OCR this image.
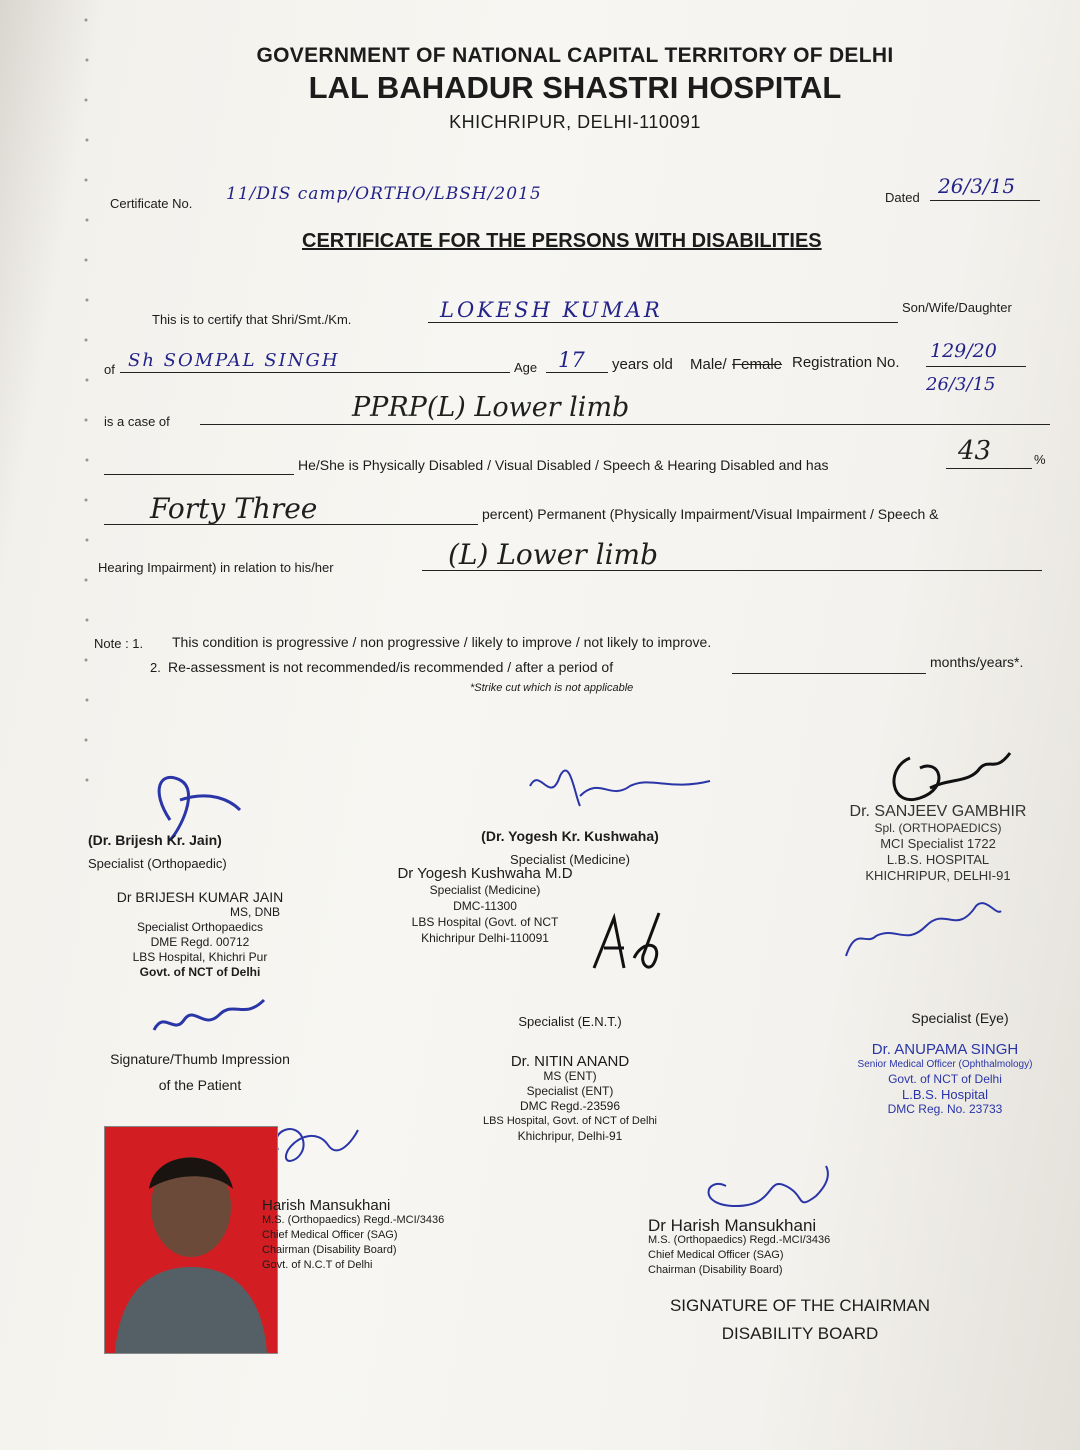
GOVERNMENT OF NATIONAL CAPITAL TERRITORY OF DELHI
LAL BAHADUR SHASTRI HOSPITAL
KHICHRIPUR, DELHI-110091
Certificate No. 11/DIS camp/ORTHO/LBSH/2015	Dated 26/3/15
CERTIFICATE FOR THE PERSONS WITH DISABILITIES
This is to certify that Shri/Smt./Km.	LOKESH KUMAR	Son/Wife/Daughter
of Sh SOMPAL SINGH	Age 17 years old Male/ Female Registration No.
129/20
26/3/15
is a case of	PPRP(L) Lower limb
He/She is Physically Disabled / Visual Disabled / Speech & Hearing Disabled and has	43	%
Forty Three	percent) Permanent (Physically Impairment/Visual Impairment / Speech &
Hearing Impairment) in relation to his/her	(L) Lower limb
Note : 1. This condition is progressive / non progressive / likely to improve / not likely to improve.
2. Re-assessment is not recommended/is recommended / after a period of	months/years*.
*Strike cut which is not applicable
(Dr. Brijesh Kr. Jain)
Specialist (Orthopaedic)
Dr BRIJESH KUMAR JAIN
MS, DNB
Specialist Orthopaedics
DME Regd. 00712
LBS Hospital, Khichri Pur
Govt. of NCT of Delhi
(Dr. Yogesh Kr. Kushwaha)
Specialist (Medicine)
Dr Yogesh Kushwaha M.D
Specialist (Medicine)
DMC-11300
LBS Hospital (Govt. of NCT
Khichripur Delhi-110091
Dr. SANJEEV GAMBHIR
Spl. (ORTHOPAEDICS)
MCI Specialist 1722
L.B.S. HOSPITAL
KHICHRIPUR, DELHI-91
Specialist (E.N.T.)
Dr. NITIN ANAND
MS (ENT)
Specialist (ENT)
DMC Regd.-23596
LBS Hospital, Govt. of NCT of Delhi
Khichripur, Delhi-91
Specialist (Eye)
Dr. ANUPAMA SINGH
Senior Medical Officer (Ophthalmology)
Govt. of NCT of Delhi
L.B.S. Hospital
DMC Reg. No. 23733
Signature/Thumb Impression
of the Patient
Harish Mansukhani
M.S. (Orthopaedics) Regd.-MCI/3436
Chief Medical Officer (SAG)
Chairman (Disability Board)
Govt. of N.C.T of Delhi
Dr Harish Mansukhani
M.S. (Orthopaedics) Regd.-MCI/3436
Chief Medical Officer (SAG)
Chairman (Disability Board)
SIGNATURE OF THE CHAIRMAN
DISABILITY BOARD
